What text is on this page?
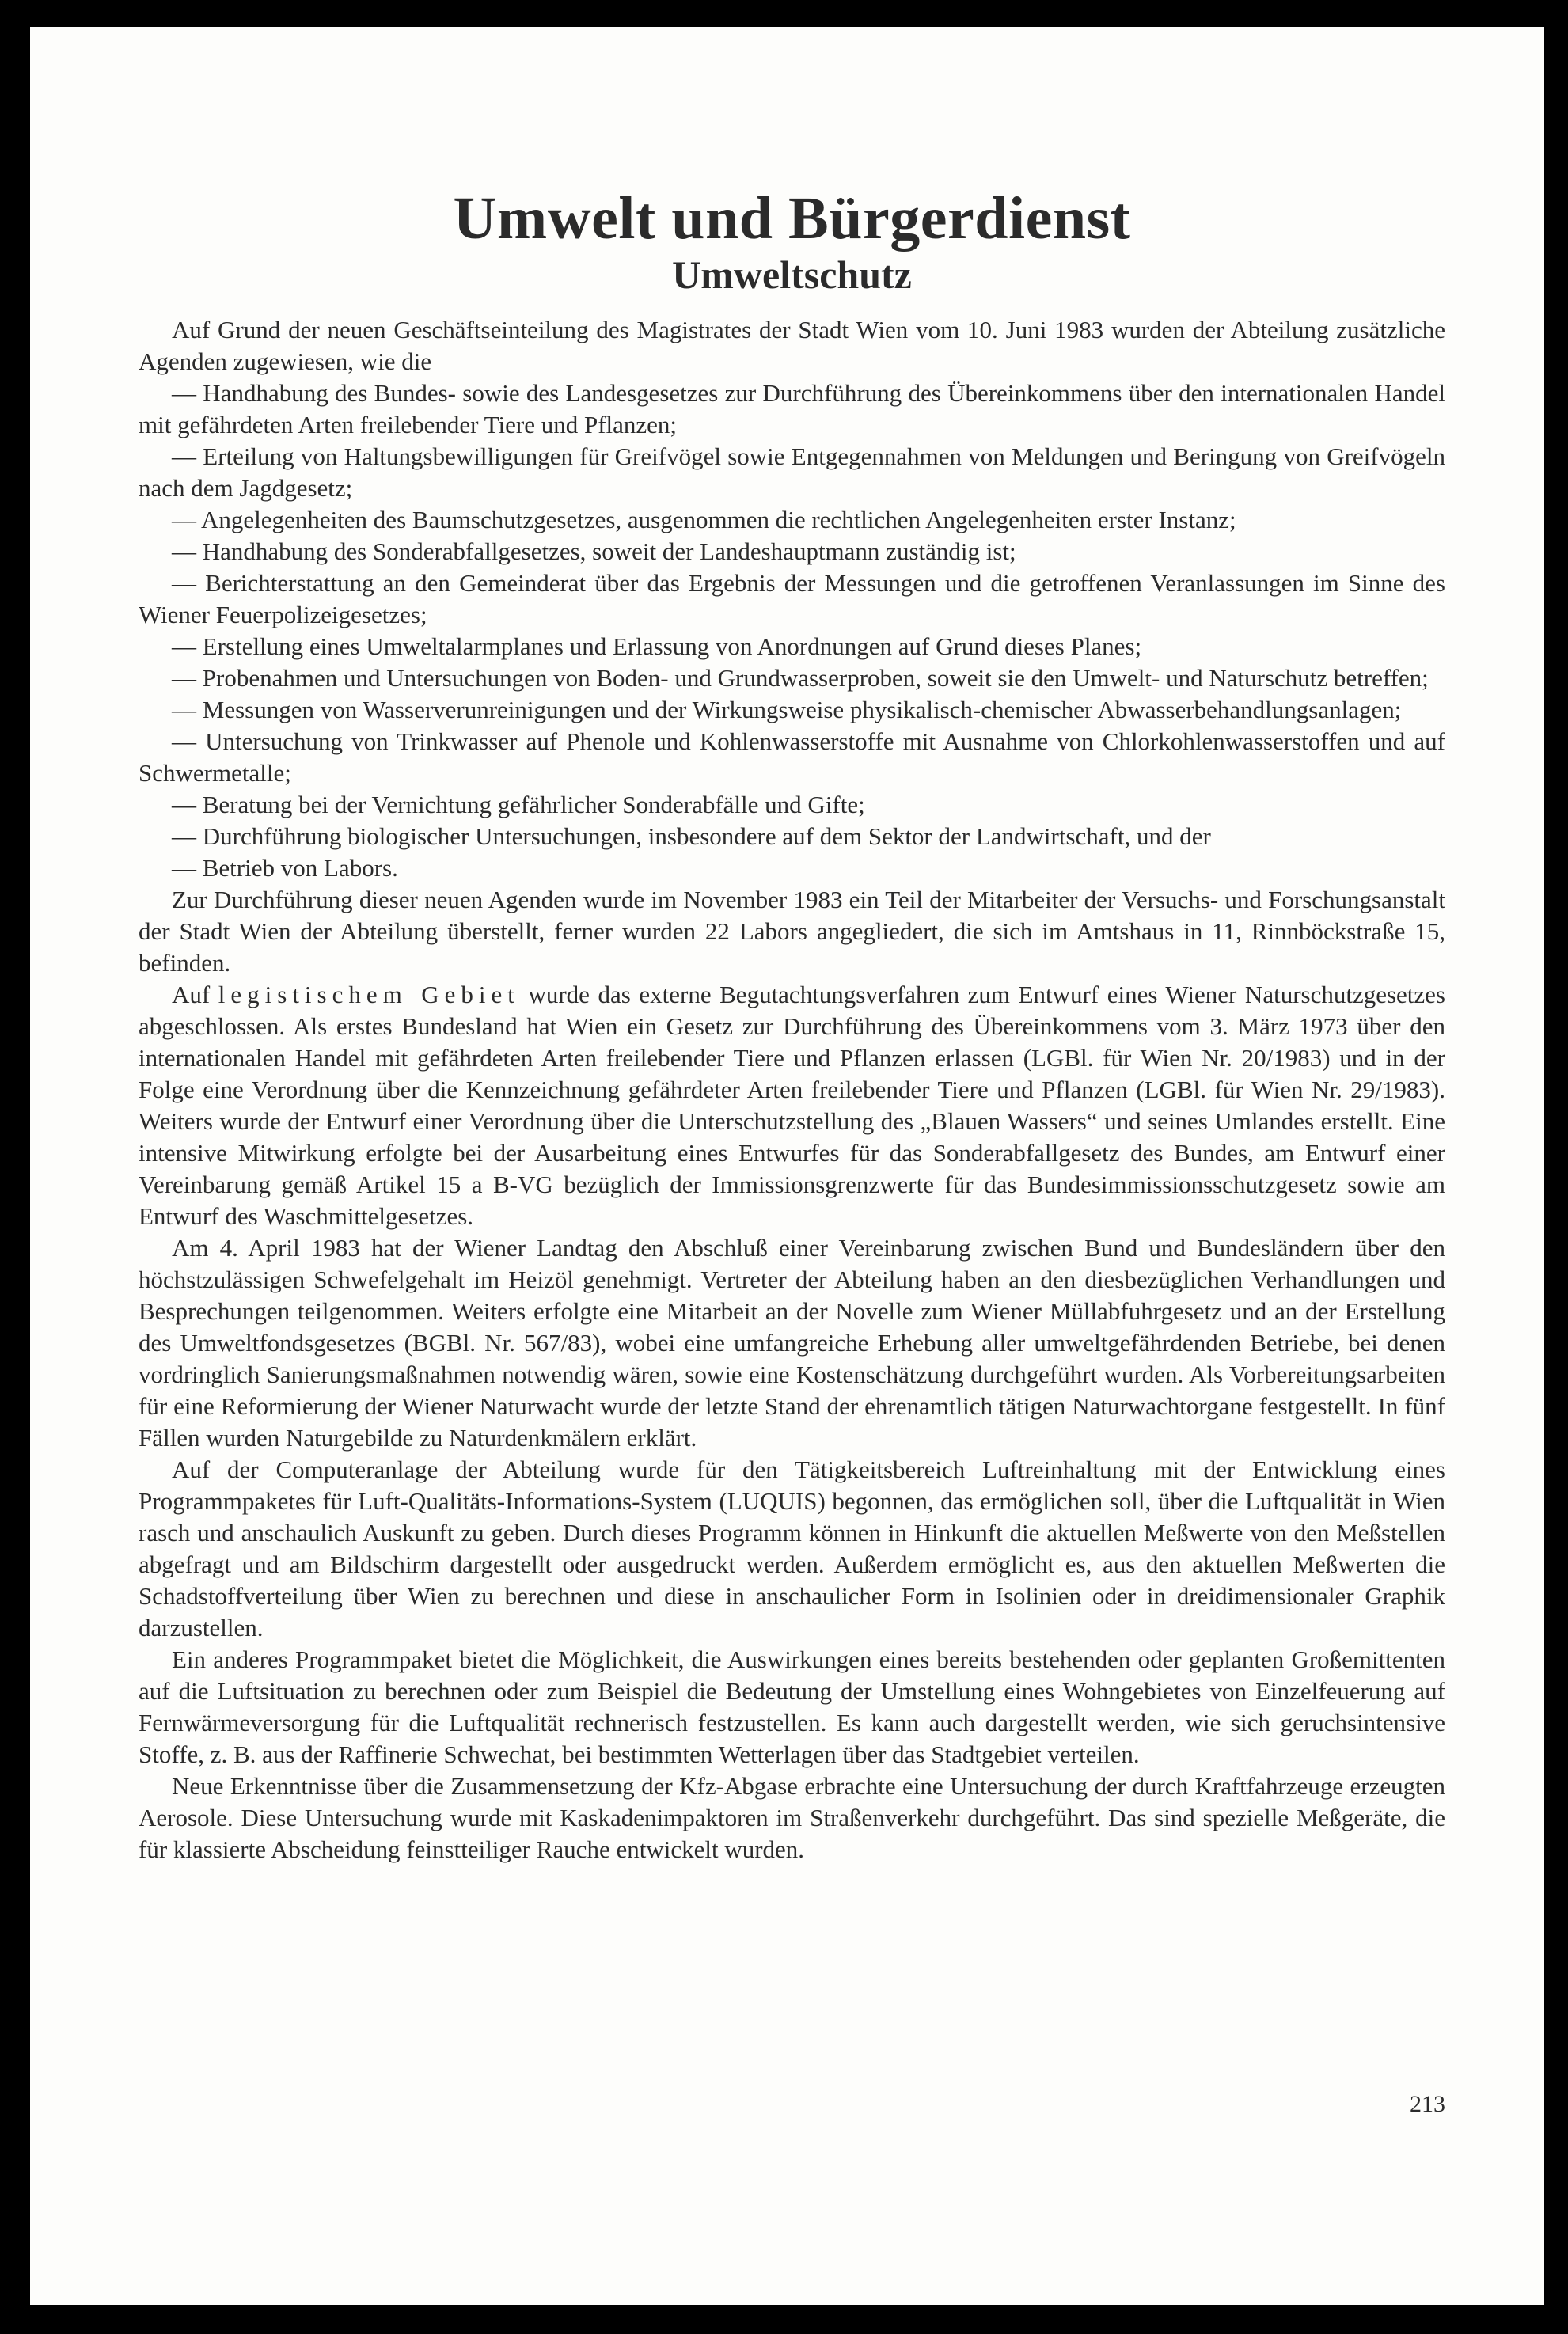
Umwelt und Bürgerdienst
Umweltschutz

Auf Grund der neuen Geschäftseinteilung des Magistrates der Stadt Wien vom 10. Juni 1983 wurden der Abteilung zusätzliche Agenden zugewiesen, wie die

— Handhabung des Bundes- sowie des Landesgesetzes zur Durchführung des Übereinkommens über den internationalen Handel mit gefährdeten Arten freilebender Tiere und Pflanzen;

— Erteilung von Haltungsbewilligungen für Greifvögel sowie Entgegennahmen von Meldungen und Beringung von Greifvögeln nach dem Jagdgesetz;

— Angelegenheiten des Baumschutzgesetzes, ausgenommen die rechtlichen Angelegenheiten erster Instanz;

— Handhabung des Sonderabfallgesetzes, soweit der Landeshauptmann zuständig ist;

— Berichterstattung an den Gemeinderat über das Ergebnis der Messungen und die getroffenen Veranlassungen im Sinne des Wiener Feuerpolizeigesetzes;

— Erstellung eines Umweltalarmplanes und Erlassung von Anordnungen auf Grund dieses Planes;

— Probenahmen und Untersuchungen von Boden- und Grundwasserproben, soweit sie den Umwelt- und Naturschutz betreffen;

— Messungen von Wasserverunreinigungen und der Wirkungsweise physikalisch-chemischer Abwasserbehandlungsanlagen;

— Untersuchung von Trinkwasser auf Phenole und Kohlenwasserstoffe mit Ausnahme von Chlorkohlenwasserstoffen und auf Schwermetalle;

— Beratung bei der Vernichtung gefährlicher Sonderabfälle und Gifte;

— Durchführung biologischer Untersuchungen, insbesondere auf dem Sektor der Landwirtschaft, und der

— Betrieb von Labors.

Zur Durchführung dieser neuen Agenden wurde im November 1983 ein Teil der Mitarbeiter der Versuchs- und Forschungsanstalt der Stadt Wien der Abteilung überstellt, ferner wurden 22 Labors angegliedert, die sich im Amtshaus in 11, Rinnböckstraße 15, befinden.

Auf legistischem Gebiet wurde das externe Begutachtungsverfahren zum Entwurf eines Wiener Naturschutzgesetzes abgeschlossen. Als erstes Bundesland hat Wien ein Gesetz zur Durchführung des Übereinkommens vom 3. März 1973 über den internationalen Handel mit gefährdeten Arten freilebender Tiere und Pflanzen erlassen (LGBl. für Wien Nr. 20/1983) und in der Folge eine Verordnung über die Kennzeichnung gefährdeter Arten freilebender Tiere und Pflanzen (LGBl. für Wien Nr. 29/1983). Weiters wurde der Entwurf einer Verordnung über die Unterschutzstellung des „Blauen Wassers“ und seines Umlandes erstellt. Eine intensive Mitwirkung erfolgte bei der Ausarbeitung eines Entwurfes für das Sonderabfallgesetz des Bundes, am Entwurf einer Vereinbarung gemäß Artikel 15 a B-VG bezüglich der Immissionsgrenzwerte für das Bundesimmissionsschutzgesetz sowie am Entwurf des Waschmittelgesetzes.

Am 4. April 1983 hat der Wiener Landtag den Abschluß einer Vereinbarung zwischen Bund und Bundesländern über den höchstzulässigen Schwefelgehalt im Heizöl genehmigt. Vertreter der Abteilung haben an den diesbezüglichen Verhandlungen und Besprechungen teilgenommen. Weiters erfolgte eine Mitarbeit an der Novelle zum Wiener Müllabfuhrgesetz und an der Erstellung des Umweltfondsgesetzes (BGBl. Nr. 567/83), wobei eine umfangreiche Erhebung aller umweltgefährdenden Betriebe, bei denen vordringlich Sanierungsmaßnahmen notwendig wären, sowie eine Kostenschätzung durchgeführt wurden. Als Vorbereitungsarbeiten für eine Reformierung der Wiener Naturwacht wurde der letzte Stand der ehrenamtlich tätigen Naturwachtorgane festgestellt. In fünf Fällen wurden Naturgebilde zu Naturdenkmälern erklärt.

Auf der Computeranlage der Abteilung wurde für den Tätigkeitsbereich Luftreinhaltung mit der Entwicklung eines Programmpaketes für Luft-Qualitäts-Informations-System (LUQUIS) begonnen, das ermöglichen soll, über die Luftqualität in Wien rasch und anschaulich Auskunft zu geben. Durch dieses Programm können in Hinkunft die aktuellen Meßwerte von den Meßstellen abgefragt und am Bildschirm dargestellt oder ausgedruckt werden. Außerdem ermöglicht es, aus den aktuellen Meßwerten die Schadstoffverteilung über Wien zu berechnen und diese in anschaulicher Form in Isolinien oder in dreidimensionaler Graphik darzustellen.

Ein anderes Programmpaket bietet die Möglichkeit, die Auswirkungen eines bereits bestehenden oder geplanten Großemittenten auf die Luftsituation zu berechnen oder zum Beispiel die Bedeutung der Umstellung eines Wohngebietes von Einzelfeuerung auf Fernwärmeversorgung für die Luftqualität rechnerisch festzustellen. Es kann auch dargestellt werden, wie sich geruchsintensive Stoffe, z. B. aus der Raffinerie Schwechat, bei bestimmten Wetterlagen über das Stadtgebiet verteilen.

Neue Erkenntnisse über die Zusammensetzung der Kfz-Abgase erbrachte eine Untersuchung der durch Kraftfahrzeuge erzeugten Aerosole. Diese Untersuchung wurde mit Kaskadenimpaktoren im Straßenverkehr durchgeführt. Das sind spezielle Meßgeräte, die für klassierte Abscheidung feinstteiliger Rauche entwickelt wurden.

213
